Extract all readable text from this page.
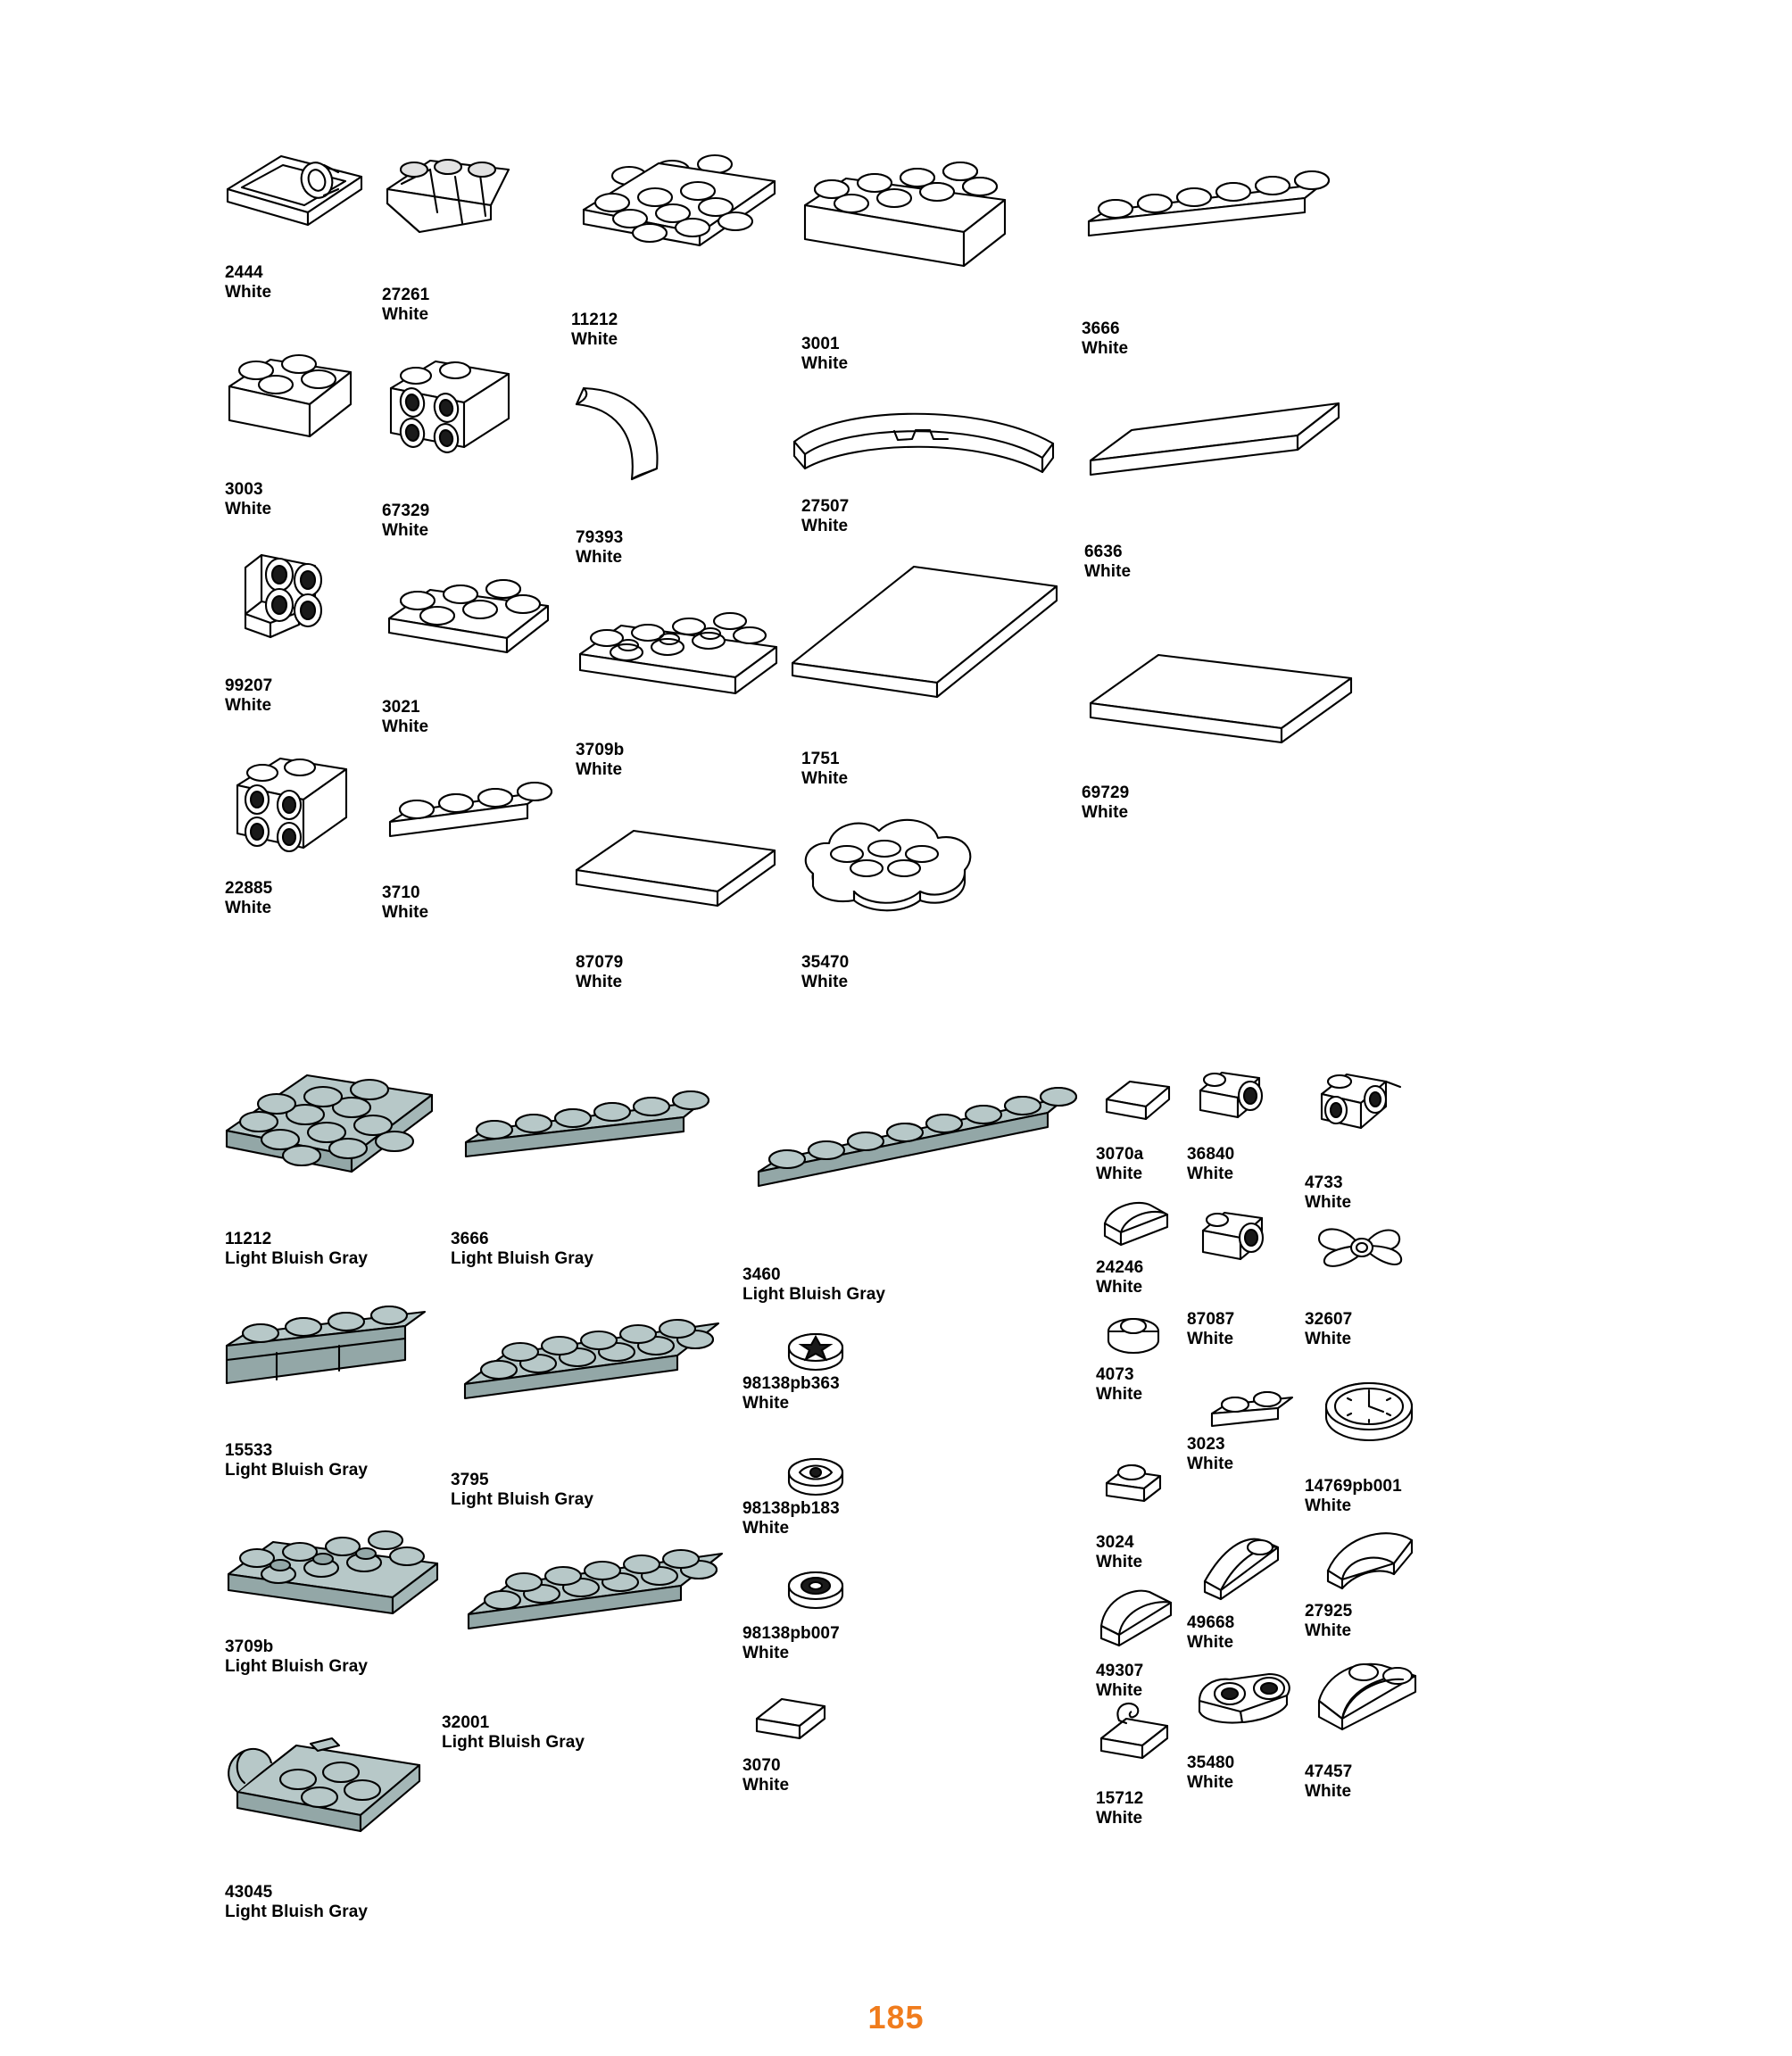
2444
White	27261
White	11212
White	3001
White
3666
White
3003
White	67329
White	79393
White
27507
White
6636
White
99207
White	3021
White
3709b
White
1751
White
69729
White
22885
White
3710
White
87079
White
35470
White
11212
Light Bluish Gray
3666
Light Bluish Gray
3460
Light Bluish Gray
3070a
White
36840
White	4733
White
24246
White
87087
White
32607
White
4073
White
98138pb363
White
3023
White
14769pb001
White
3024
White
98138pb183
White
15533
Light Bluish Gray
3795
Light Bluish Gray
3709b
Light Bluish Gray
32001
Light Bluish Gray
98138pb007
White
49668
White
27925
White
49307
White
3070
White
35480
White
15712
White
47457
White
43045
Light Bluish Gray
185
